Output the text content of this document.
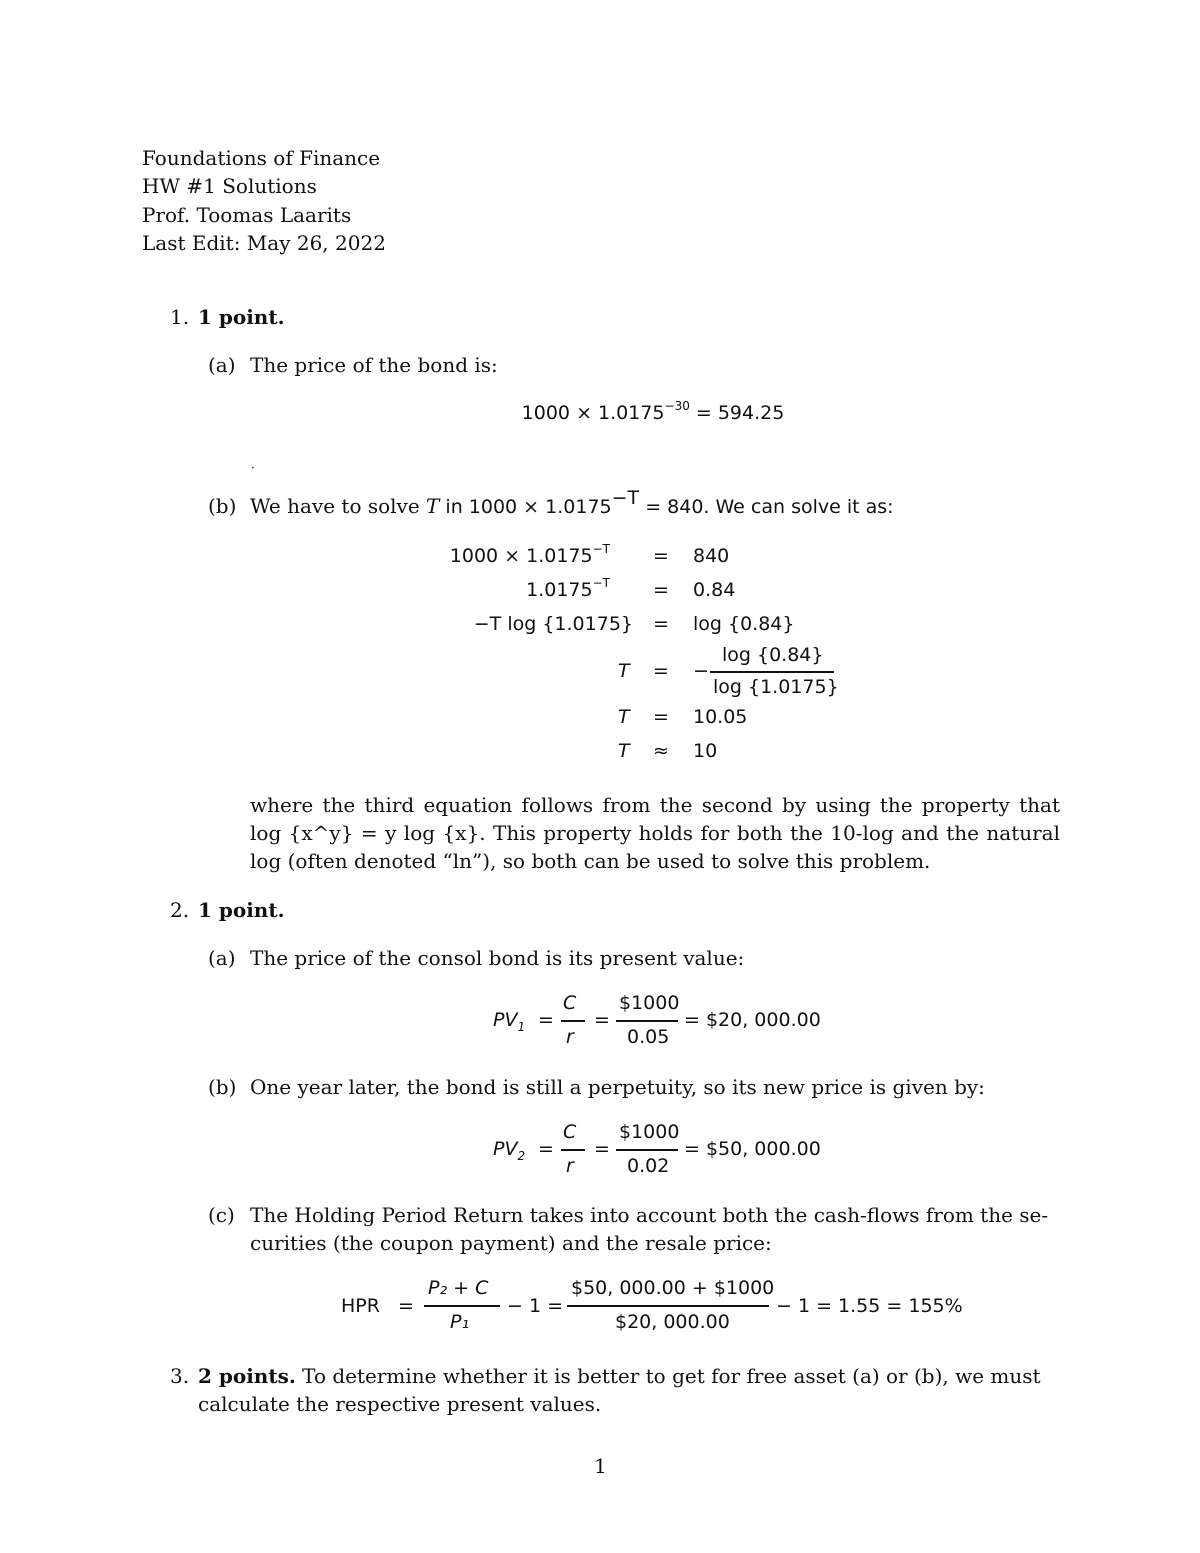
Foundations of Finance
HW #1 Solutions
Prof. Toomas Laarits
Last Edit: May 26, 2022
1. 1 point.
(a) The price of the bond is:
$1000 \times 1.0175^{-30} = 594.25$
·
(b) We have to solve T in $1000 \times 1.0175^{-T} = 840$. We can solve it as:
$1000 \times 1.0175^{-T} = 840$
$1.0175^{-T} = 0.84$
−T log {1.0175} = log {0.84}
T = −
log {0.84}
log {1.0175}
T = 10.05
T ≈ 10
where the third equation follows from the second by using the property that log {x^y} = y log {x}. This property holds for both the 10-log and the natural log (often denoted “ln”), so both can be used to solve this problem.
2. 1 point.
(a) The price of the consol bond is its present value:
$PV_1$ =
C
r
=
$1000
0.05
= $20, 000.00
(b) One year later, the bond is still a perpetuity, so its new price is given by:
$PV_2$ =
C
r
=
$1000
0.02
= $50, 000.00
(c) The Holding Period Return takes into account both the cash-flows from the se-
curities (the coupon payment) and the resale price:
HPR =
P₂ + C
P₁
− 1 =
$50, 000.00 + $1000
$20, 000.00
− 1 = 1.55 = 155%
3. 2 points. To determine whether it is better to get for free asset (a) or (b), we must
calculate the respective present values.
1
